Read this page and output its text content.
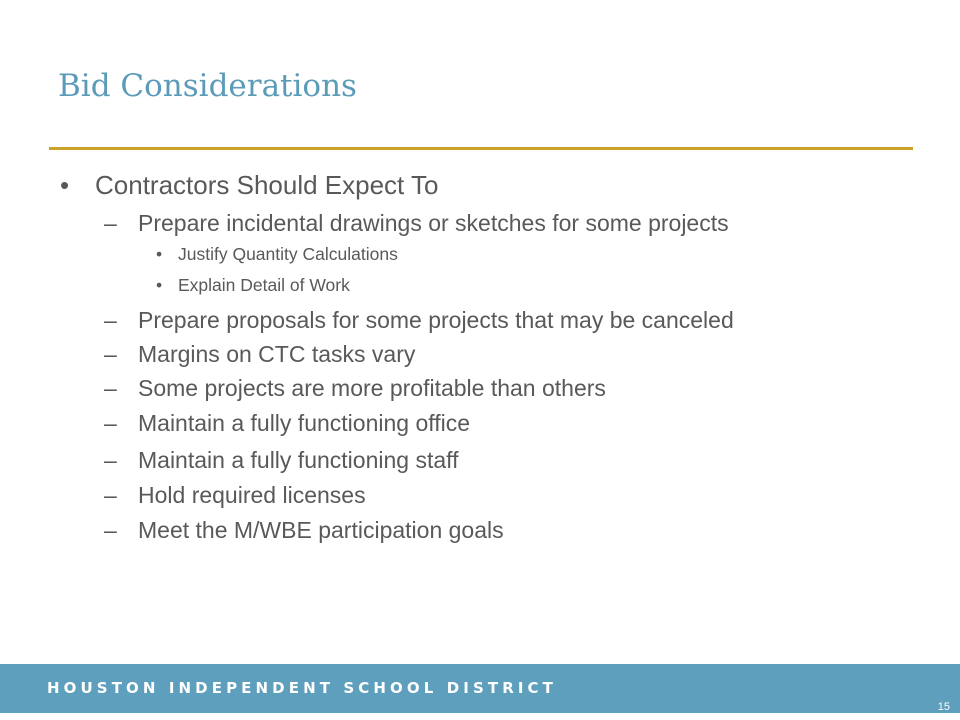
Bid Considerations
• Contractors Should Expect To
– Prepare incidental drawings or sketches for some projects
• Justify Quantity Calculations
• Explain Detail of Work
– Prepare proposals for some projects that may be canceled
– Margins on CTC tasks vary
– Some projects are more profitable than others
– Maintain a fully functioning office
– Maintain a fully functioning staff
– Hold required licenses
– Meet the M/WBE participation goals
HOUSTON INDEPENDENT SCHOOL DISTRICT
15
